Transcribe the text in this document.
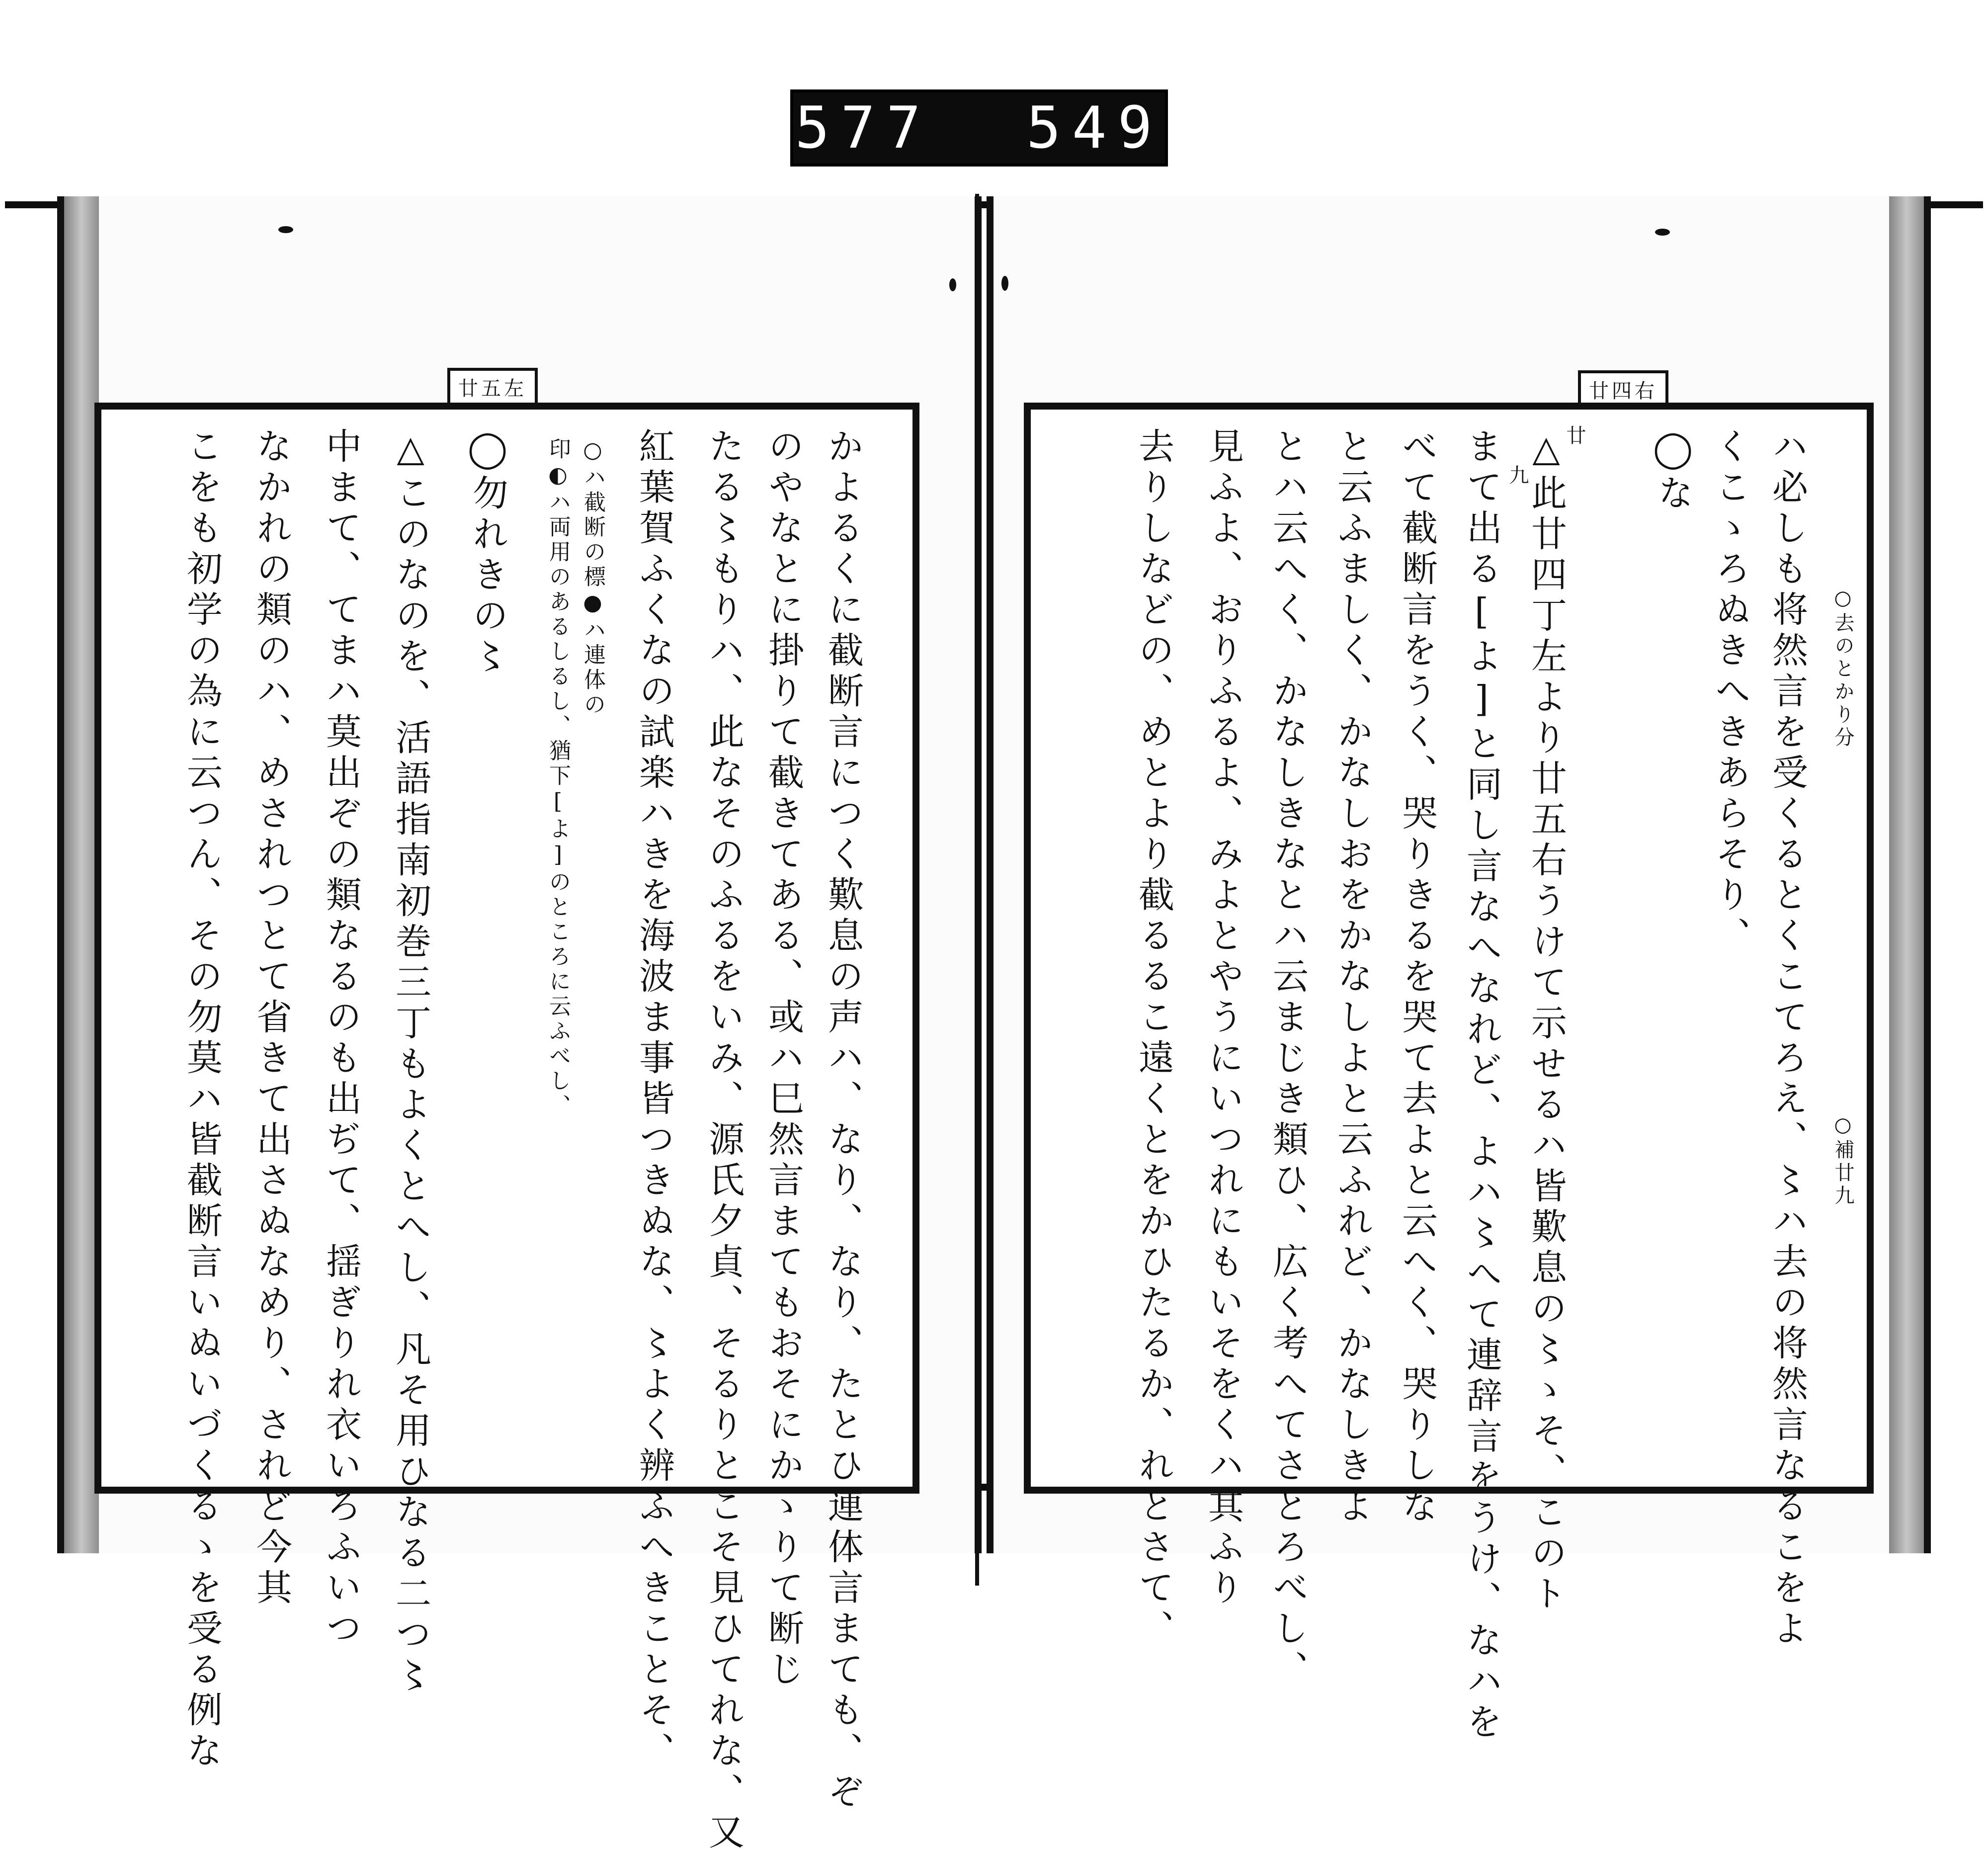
577 549
廿五左	廿四右
ハ必しも将然言を受くるとくこてろえ、〻ハ去の将然言なるこをよ
くこゝろぬきへきあらそり、
◯な
△此廿四丁左より廿五右うけて示せるハ皆歎息の〻ゝそ、このト
まて出る[よ]と同し言なへなれど、よハ〻へて連辞言をうけ、なハを
べて截断言をうく、哭りきるを哭て去よと云へく、哭りしな
と云ふましく、かなしおをかなしよと云ふれど、かなしきよ
とハ云へく、かなしきなとハ云まじき類ひ、広く考へてさとろべし、
見ふよ、おりふるよ、みよとやうにいつれにもいそをくハ其ふり
去りしなどの、めとより截るるこ遠くとをかひたるか、れとさて、	○去のとかり分
○補廿九
廿
九
かよるくに截断言につく歎息の声ハ、なり、なり、たとひ連体言まても、ぞ
のやなとに掛りて截きてある、或ハ巳然言まてもおそにかゝりて断じ
たる〻もりハ、此なそのふるをいみ、源氏夕貞、そるりとこそ見ひてれな、又
紅葉賀ふくなの試楽ハきを海波ま事皆つきぬな、〻よく辨ふへきことそ、
○ハ截断の標●ハ連体の
印◐ハ両用のあるしるし、猶下[よ]のところに云ふべし、
◯勿れきの〻
△このなのを、活語指南初巻三丁もよくとへし、凡そ用ひなる二つ〻
中まて、てまハ莫出ぞの類なるのも出ぢて、揺ぎりれ衣いろふいつ
なかれの類のハ、めされつとて省きて出さぬなめり、されど今其
こをも初学の為に云つん、その勿莫ハ皆截断言いぬいづくるゝを受る例な
